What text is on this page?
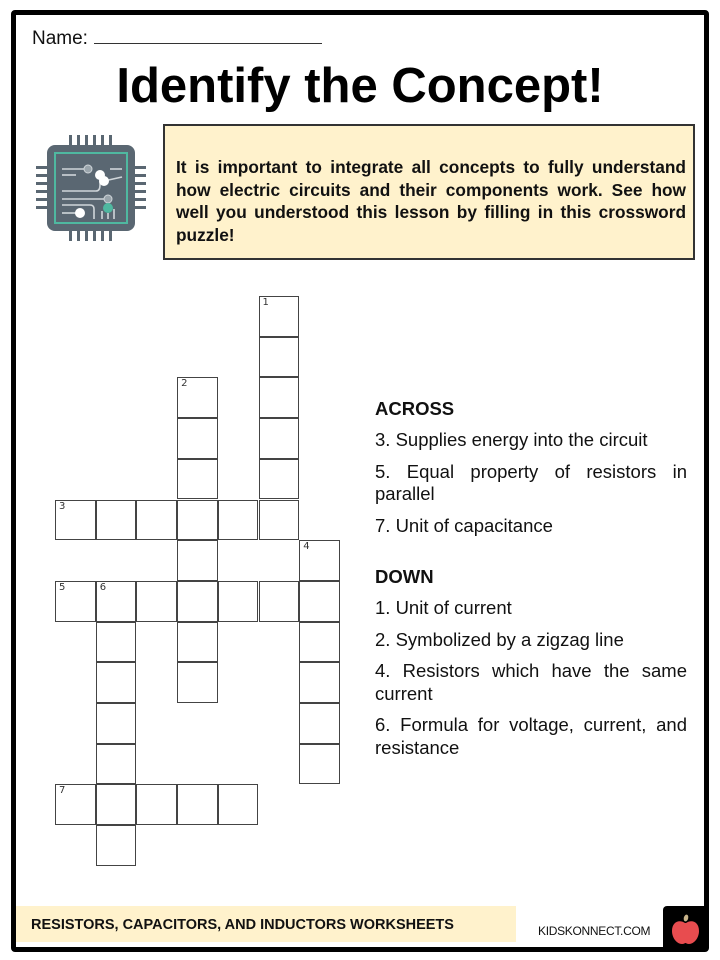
Name:
Identify the Concept!

It is important to integrate all concepts to fully understand how electric circuits and their components work. See how well you understood this lesson by filling in this crossword puzzle!

1
2
3
4
5	6
7
ACROSS
3. Supplies energy into the circuit
5. Equal property of resistors in parallel
7. Unit of capacitance
DOWN
1. Unit of current
2. Symbolized by a zigzag line
4. Resistors which have the same current
6. Formula for voltage, current, and resistance
RESISTORS, CAPACITORS, AND INDUCTORS WORKSHEETS	KIDSKONNECT.COM
